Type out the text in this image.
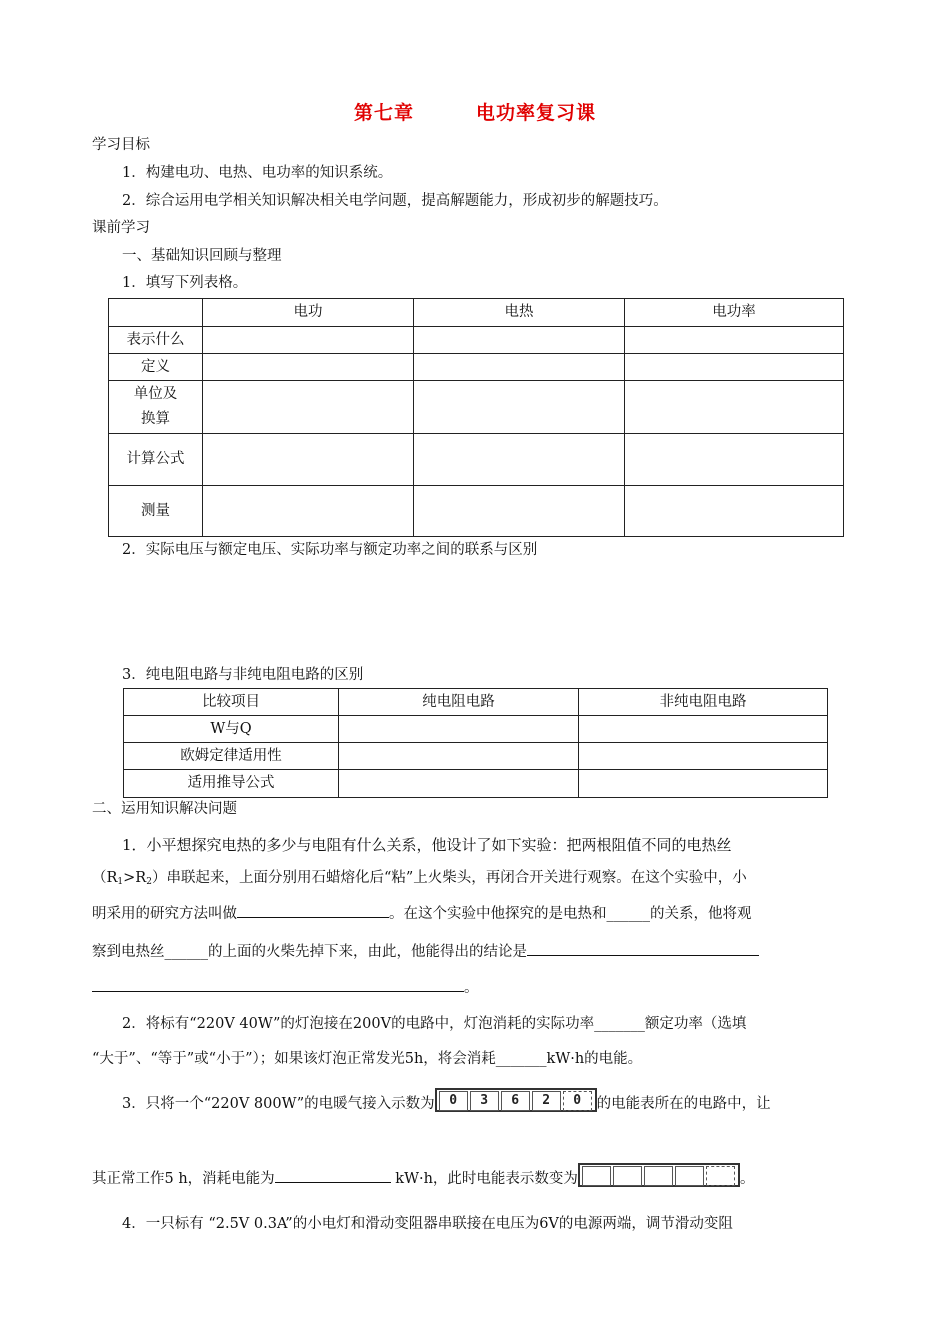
第七章	电功率复习课
学习目标
1．构建电功、电热、电功率的知识系统。
2．综合运用电学相关知识解决相关电学问题，提高解题能力，形成初步的解题技巧。
课前学习
一、基础知识回顾与整理
1．填写下列表格。
	电功	电热	电功率
表示什么			
定义			
单位及
换算			
计算公式			
测量			
2．实际电压与额定电压、实际功率与额定功率之间的联系与区别
3．纯电阻电路与非纯电阻电路的区别
比较项目	纯电阻电路	非纯电阻电路
W与Q		
欧姆定律适用性		
适用推导公式		
二、运用知识解决问题
1．小平想探究电热的多少与电阻有什么关系，他设计了如下实验：把两根阻值不同的电热丝
$(R_1>R_2)$串联起来，上面分别用石蜡熔化后“粘”上火柴头，再闭合开关进行观察。在这个实验中，小
明采用的研究方法叫做	。在这个实验中他探究的是电热和______的关系，他将观
察到电热丝______的上面的火柴先掉下来，由此，他能得出的结论是
。
2．将标有“220V 40W”的灯泡接在200V的电路中，灯泡消耗的实际功率_______额定功率（选填
“大于”、“等于”或“小于”）；如果该灯泡正常发光5h，将会消耗_______kW·h的电能。
3．只将一个“220V 800W”的电暖气接入示数为 0 3 6 2 0 的电能表所在的电路中，让
其正常工作5 h，消耗电能为	kW·h，此时电能表示数变为	。
4．一只标有 “2.5V 0.3A”的小电灯和滑动变阻器串联接在电压为6V的电源两端，调节滑动变阻
